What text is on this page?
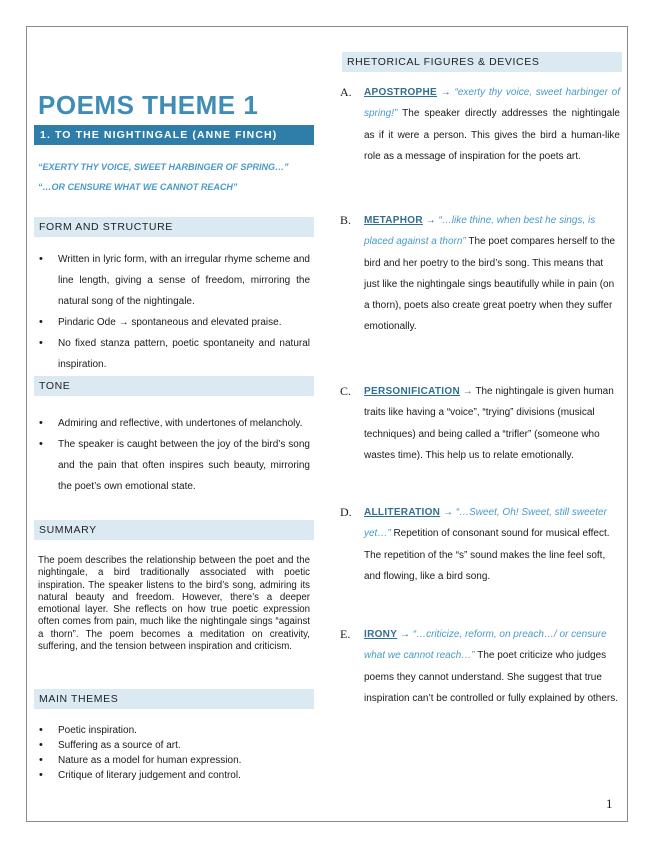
POEMS THEME 1
1. TO THE NIGHTINGALE (ANNE FINCH)
“EXERTY THY VOICE, SWEET HARBINGER OF SPRING…”
“…OR CENSURE WHAT WE CANNOT REACH”
FORM AND STRUCTURE
• Written in lyric form, with an irregular rhyme scheme and line length, giving a sense of freedom, mirroring the natural song of the nightingale.
• Pindaric Ode → spontaneous and elevated praise.
• No fixed stanza pattern, poetic spontaneity and natural inspiration.
TONE
• Admiring and reflective, with undertones of melancholy.
• The speaker is caught between the joy of the bird’s song and the pain that often inspires such beauty, mirroring the poet’s own emotional state.
SUMMARY

The poem describes the relationship between the poet and the nightingale, a bird traditionally associated with poetic inspiration. The speaker listens to the bird’s song, admiring its natural beauty and freedom. However, there’s a deeper emotional layer. She reflects on how true poetic expression often comes from pain, much like the nightingale sings “against a thorn”. The poem becomes a meditation on creativity, suffering, and the tension between inspiration and criticism.

MAIN THEMES
• Poetic inspiration.
• Suffering as a source of art.
• Nature as a model for human expression.
• Critique of literary judgement and control.
RHETORICAL FIGURES & DEVICES
A. APOSTROPHE → “exerty thy voice, sweet harbinger of spring!” The speaker directly addresses the nightingale as if it were a person. This gives the bird a human-like role as a message of inspiration for the poets art.
B. METAPHOR → “…like thine, when best he sings, is placed against a thorn” The poet compares herself to the bird and her poetry to the bird’s song. This means that just like the nightingale sings beautifully while in pain (on a thorn), poets also create great poetry when they suffer emotionally.
C. PERSONIFICATION → The nightingale is given human traits like having a “voice”, “trying” divisions (musical techniques) and being called a “trifler” (someone who wastes time). This help us to relate emotionally.
D. ALLITERATION → “…Sweet, Oh! Sweet, still sweeter yet…” Repetition of consonant sound for musical effect. The repetition of the “s” sound makes the line feel soft, and flowing, like a bird song.
E. IRONY → “…criticize, reform, on preach…/ or censure what we cannot reach…” The poet criticize who judges poems they cannot understand. She suggest that true inspiration can’t be controlled or fully explained by others.
1
